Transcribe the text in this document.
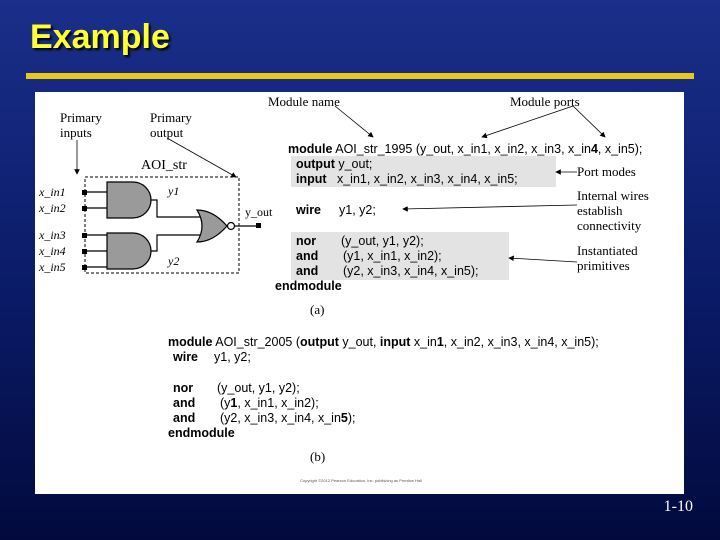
Example
Primary
inputs
Primary
output
Module name	Module ports
Port modes
Internal wires
establish
connectivity
Instantiated
primitives
AOI_str
x_in1
x_in2
x_in3
x_in4
x_in5
y1
y2
y_out
module AOI_str_1995 (y_out, x_in1, x_in2, x_in3, x_in4, x_in5);
output y_out;
input   x_in1, x_in2, x_in3, x_in4, x_in5;
wire y1, y2;
nor (y_out, y1, y2);
and (y1, x_in1, x_in2);
and (y2, x_in3, x_in4, x_in5);
endmodule
(a)
module AOI_str_2005 (output y_out, input x_in1, x_in2, x_in3, x_in4, x_in5);
wire y1, y2;
nor (y_out, y1, y2);
and (y1, x_in1, x_in2);
and (y2, x_in3, x_in4, x_in5);
endmodule
(b)
Copyright ©2012 Pearson Education, Inc. publishing as Prentice Hall
1-10
